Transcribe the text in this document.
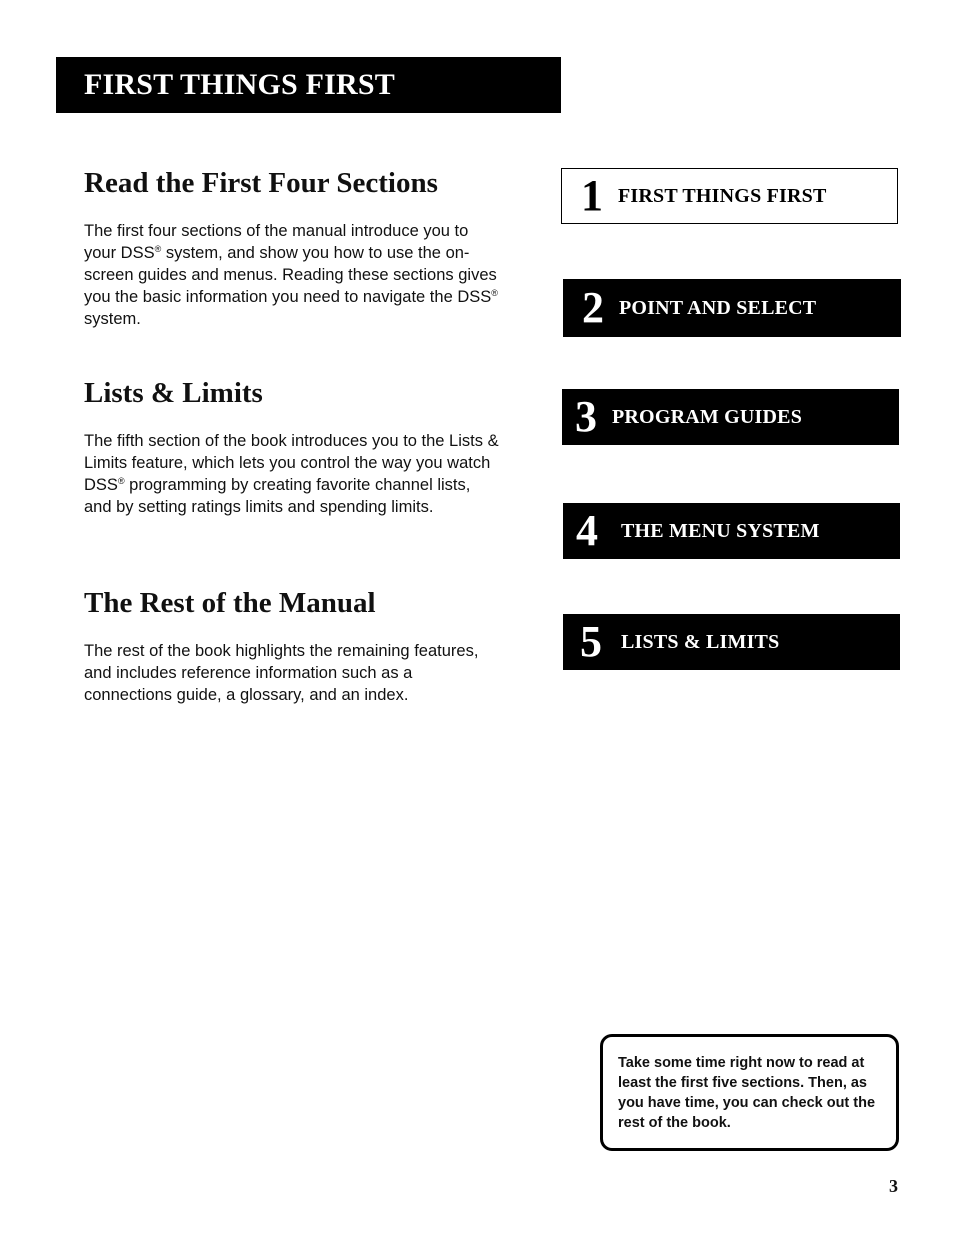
FIRST THINGS FIRST
Read the First Four Sections

The first four sections of the manual introduce you to your DSS® system, and show you how to use the on-screen guides and menus. Reading these sections gives you the basic information you need to navigate the DSS® system.

Lists & Limits

The fifth section of the book introduces you to the Lists & Limits feature, which lets you control the way you watch DSS® programming by creating favorite channel lists, and by setting ratings limits and spending limits.

The Rest of the Manual

The rest of the book highlights the remaining features, and includes reference information such as a connections guide, a glossary, and an index.

1 FIRST THINGS FIRST
2 POINT AND SELECT
3 PROGRAM GUIDES
4	THE MENU SYSTEM
5 LISTS & LIMITS
Take some time right now to read at least the first five sections. Then, as you have time, you can check out the rest of the book.
3
